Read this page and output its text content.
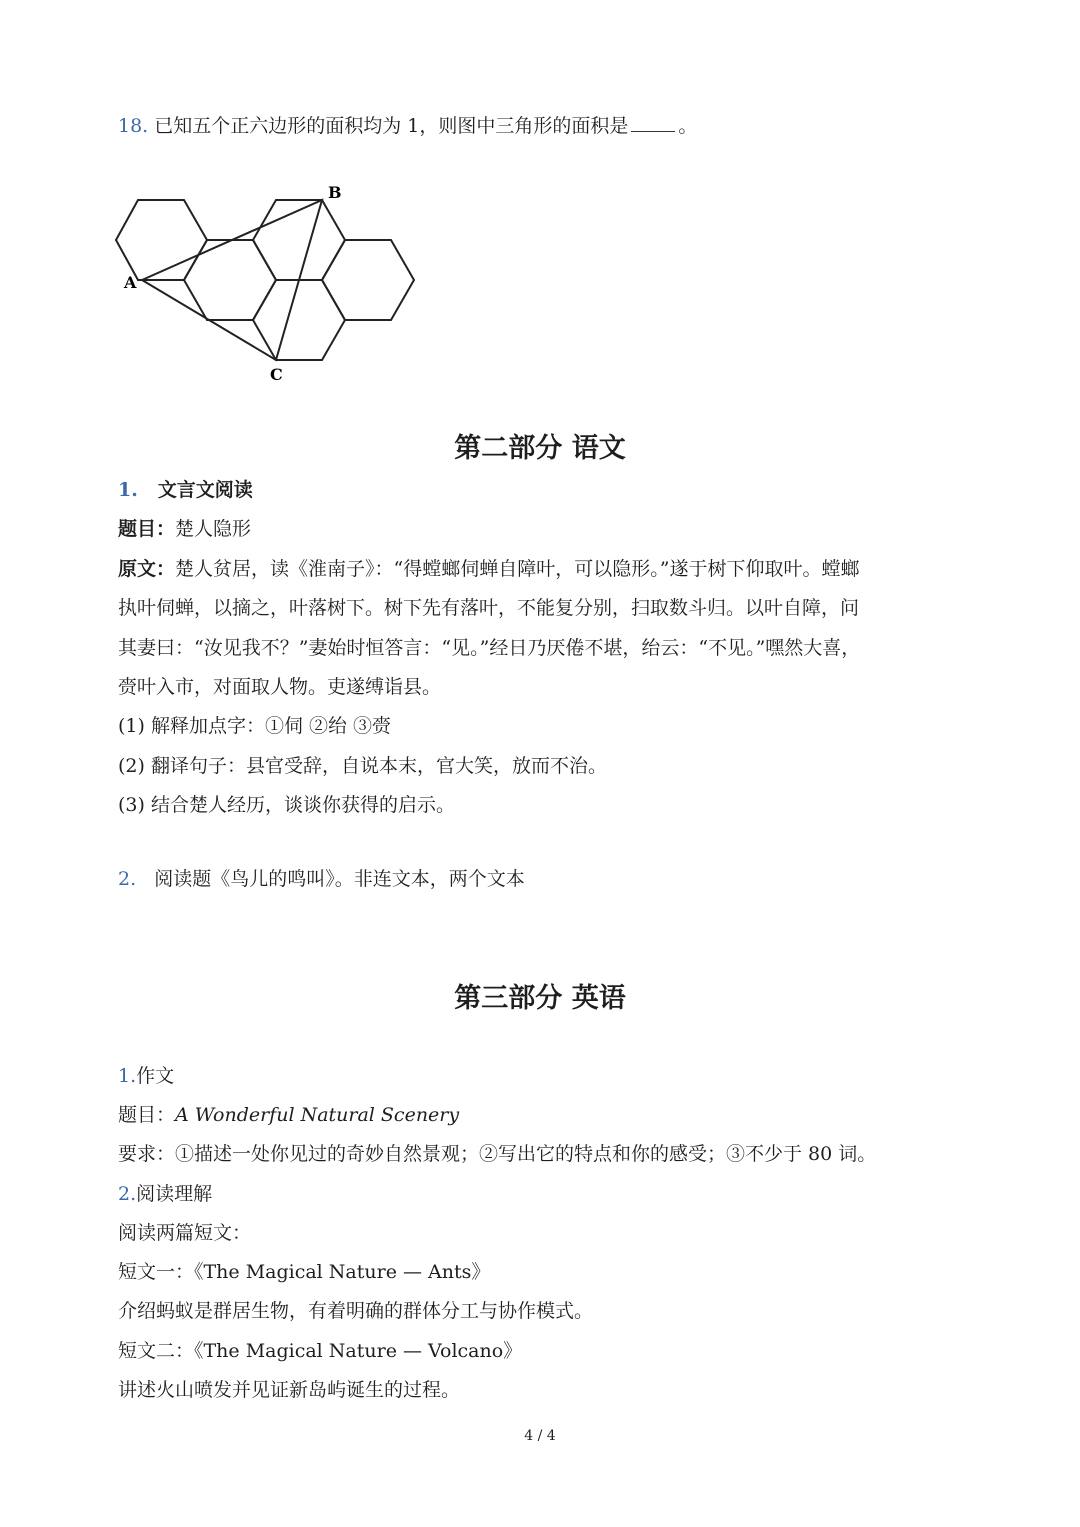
18. 已知五个正六边形的面积均为 1，则图中三角形的面积是	。
A
B
C
第二部分 语文
1. 文言文阅读
题目：楚人隐形
原文：楚人贫居，读《淮南子》：“得螳螂伺蝉自障叶，可以隐形。”遂于树下仰取叶。螳螂
执叶伺蝉，以摘之，叶落树下。树下先有落叶，不能复分别，扫取数斗归。以叶自障，问
其妻曰：“汝见我不？”妻始时恒答言：“见。”经日乃厌倦不堪，绐云：“不见。”嘿然大喜，
赍叶入市，对面取人物。吏遂缚诣县。
(1) 解释加点字：①伺 ②绐 ③赍
(2) 翻译句子：县官受辞，自说本末，官大笑，放而不治。
(3) 结合楚人经历，谈谈你获得的启示。
2. 阅读题《鸟儿的鸣叫》。非连文本，两个文本
第三部分 英语
1.作文
题目：A Wonderful Natural Scenery
要求：①描述一处你见过的奇妙自然景观；②写出它的特点和你的感受；③不少于 80 词。
2.阅读理解
阅读两篇短文：
短文一：《The Magical Nature — Ants》
介绍蚂蚁是群居生物，有着明确的群体分工与协作模式。
短文二：《The Magical Nature — Volcano》
讲述火山喷发并见证新岛屿诞生的过程。
4 / 4
